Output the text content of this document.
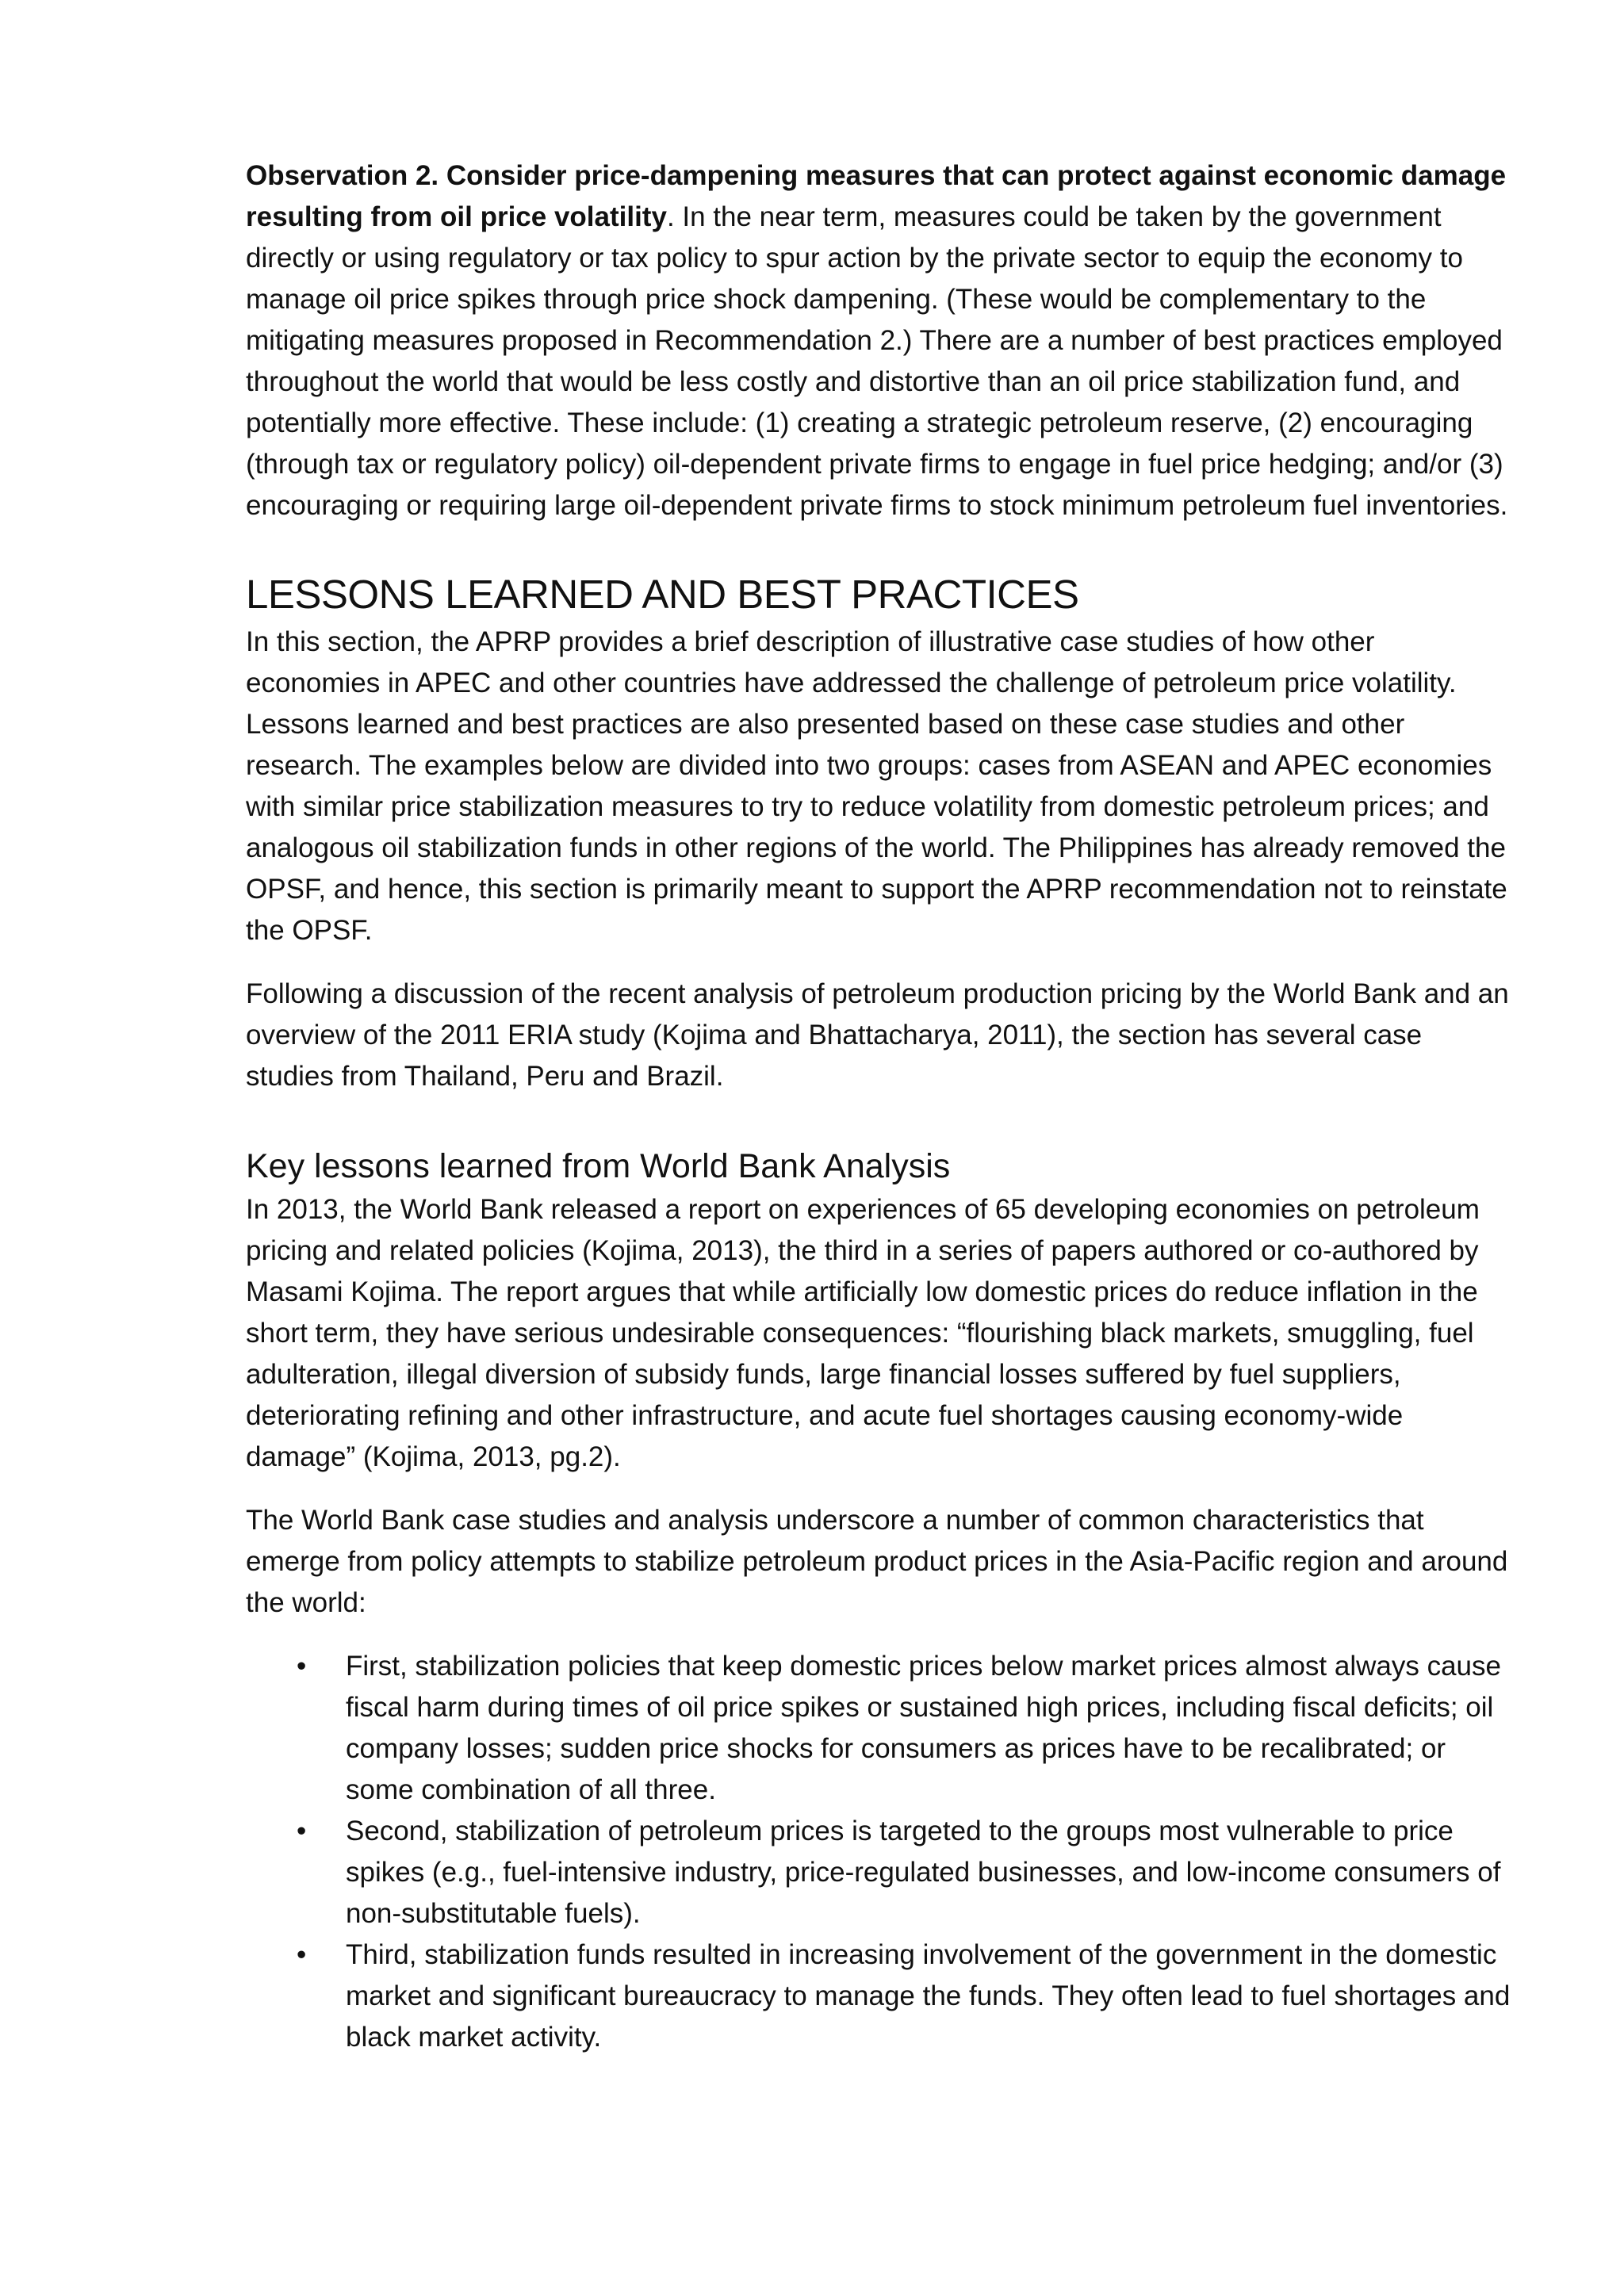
Observation 2. Consider price-dampening measures that can protect against economic damage resulting from oil price volatility. In the near term, measures could be taken by the government directly or using regulatory or tax policy to spur action by the private sector to equip the economy to manage oil price spikes through price shock dampening. (These would be complementary to the mitigating measures proposed in Recommendation 2.) There are a number of best practices employed throughout the world that would be less costly and distortive than an oil price stabilization fund, and potentially more effective. These include: (1) creating a strategic petroleum reserve, (2) encouraging (through tax or regulatory policy) oil-dependent private firms to engage in fuel price hedging; and/or (3) encouraging or requiring large oil-dependent private firms to stock minimum petroleum fuel inventories.

LESSONS LEARNED AND BEST PRACTICES

In this section, the APRP provides a brief description of illustrative case studies of how other economies in APEC and other countries have addressed the challenge of petroleum price volatility. Lessons learned and best practices are also presented based on these case studies and other research. The examples below are divided into two groups: cases from ASEAN and APEC economies with similar price stabilization measures to try to reduce volatility from domestic petroleum prices; and analogous oil stabilization funds in other regions of the world. The Philippines has already removed the OPSF, and hence, this section is primarily meant to support the APRP recommendation not to reinstate the OPSF.

Following a discussion of the recent analysis of petroleum production pricing by the World Bank and an overview of the 2011 ERIA study (Kojima and Bhattacharya, 2011), the section has several case studies from Thailand, Peru and Brazil.

Key lessons learned from World Bank Analysis

In 2013, the World Bank released a report on experiences of 65 developing economies on petroleum pricing and related policies (Kojima, 2013), the third in a series of papers authored or co-authored by Masami Kojima. The report argues that while artificially low domestic prices do reduce inflation in the short term, they have serious undesirable consequences: “flourishing black markets, smuggling, fuel adulteration, illegal diversion of subsidy funds, large financial losses suffered by fuel suppliers, deteriorating refining and other infrastructure, and acute fuel shortages causing economy-wide damage” (Kojima, 2013, pg.2).

The World Bank case studies and analysis underscore a number of common characteristics that emerge from policy attempts to stabilize petroleum product prices in the Asia-Pacific region and around the world:

• First, stabilization policies that keep domestic prices below market prices almost always cause fiscal harm during times of oil price spikes or sustained high prices, including fiscal deficits; oil company losses; sudden price shocks for consumers as prices have to be recalibrated; or some combination of all three.
• Second, stabilization of petroleum prices is targeted to the groups most vulnerable to price spikes (e.g., fuel-intensive industry, price-regulated businesses, and low-income consumers of non-substitutable fuels).
• Third, stabilization funds resulted in increasing involvement of the government in the domestic market and significant bureaucracy to manage the funds. They often lead to fuel shortages and black market activity.
